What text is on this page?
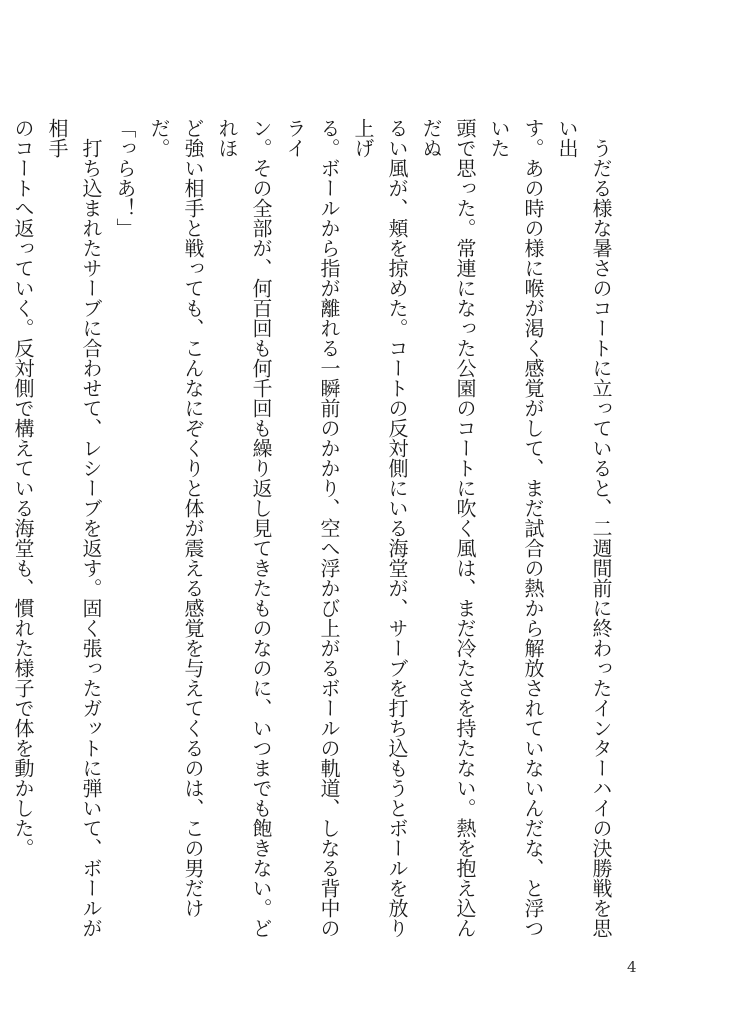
　うだる様な暑さのコートに立っていると、二週間前に終わったインターハイの決勝戦を思い出
す。あの時の様に喉が渇く感覚がして、まだ試合の熱から解放されていないんだな、と浮ついた
頭で思った。常連になった公園のコートに吹く風は、まだ冷たさを持たない。熱を抱え込んだぬ
るい風が、頬を掠めた。コートの反対側にいる海堂が、サーブを打ち込もうとボールを放り上げ
る。ボールから指が離れる一瞬前のかかり、空へ浮かび上がるボールの軌道、しなる背中のライ
ン。その全部が、何百回も何千回も繰り返し見てきたものなのに、いつまでも飽きない。どれほ
ど強い相手と戦っても、こんなにぞくりと体が震える感覚を与えてくるのは、この男だけだ。

「っらあ！」

　打ち込まれたサーブに合わせて、レシーブを返す。固く張ったガットに弾いて、ボールが相手
のコートへ返っていく。反対側で構えている海堂も、慣れた様子で体を動かした。

4
